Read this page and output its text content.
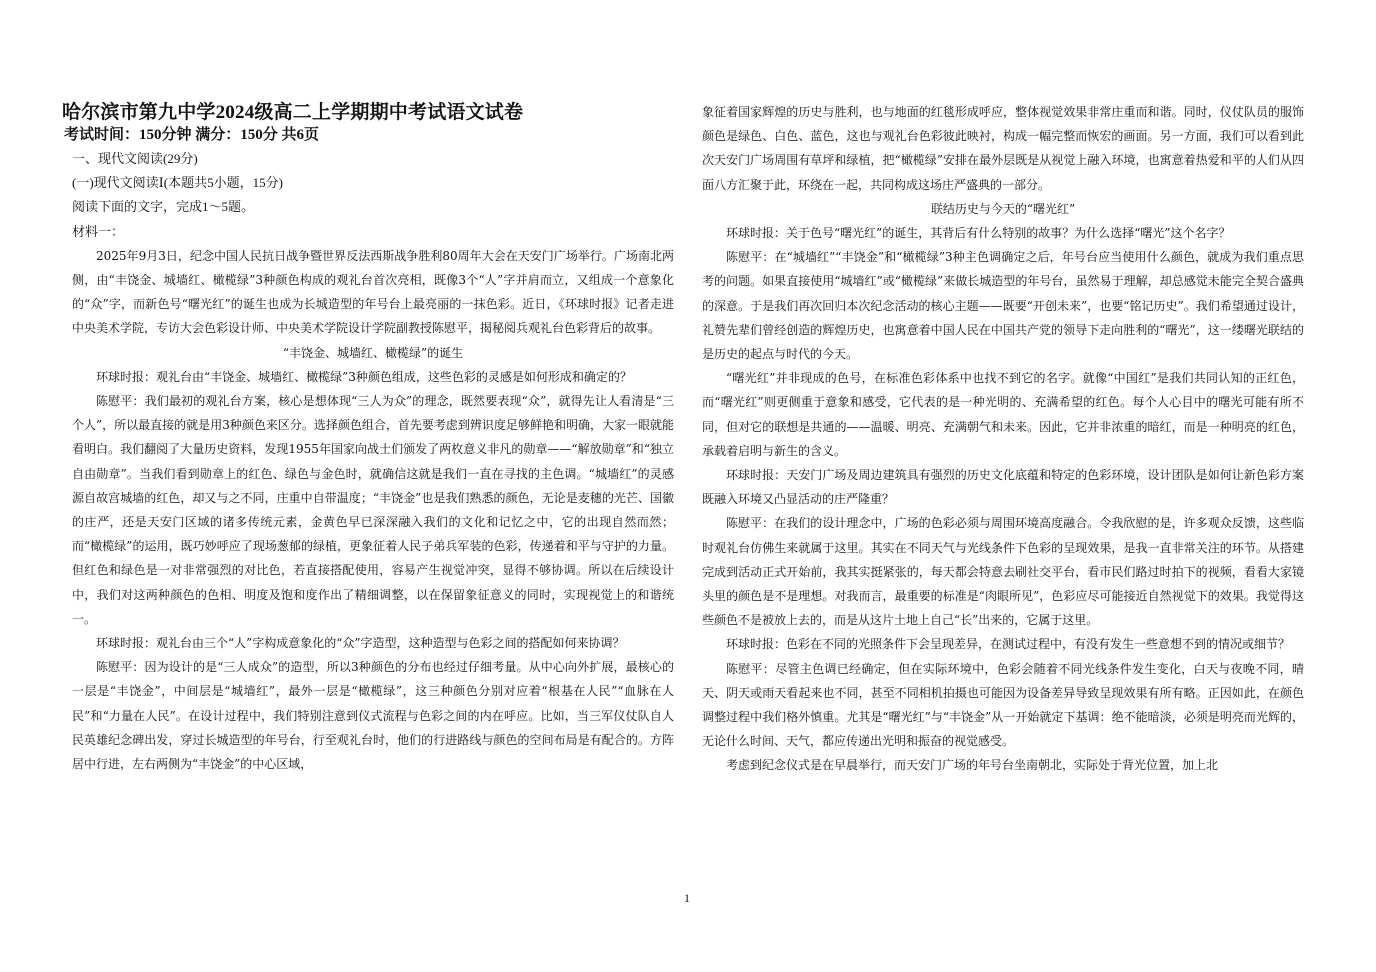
哈尔滨市第九中学2024级高二上学期期中考试语文试卷
考试时间：150分钟 满分：150分 共6页

一、现代文阅读(29分)

(一)现代文阅读Ⅰ(本题共5小题，15分)

阅读下面的文字，完成1～5题。

材料一：

2025年9月3日，纪念中国人民抗日战争暨世界反法西斯战争胜利80周年大会在天安门广场举行。广场南北两侧，由“丰饶金、城墙红、橄榄绿”3种颜色构成的观礼台首次亮相，既像3个“人”字并肩而立，又组成一个意象化的“众”字，而新色号“曙光红”的诞生也成为长城造型的年号台上最亮丽的一抹色彩。近日，《环球时报》记者走进中央美术学院，专访大会色彩设计师、中央美术学院设计学院副教授陈慰平，揭秘阅兵观礼台色彩背后的故事。

“丰饶金、城墙红、橄榄绿”的诞生

环球时报：观礼台由“丰饶金、城墙红、橄榄绿”3种颜色组成，这些色彩的灵感是如何形成和确定的？

陈慰平：我们最初的观礼台方案，核心是想体现“三人为众”的理念，既然要表现“众”，就得先让人看清是“三个人”，所以最直接的就是用3种颜色来区分。选择颜色组合，首先要考虑到辨识度足够鲜艳和明确，大家一眼就能看明白。我们翻阅了大量历史资料，发现1955年国家向战士们颁发了两枚意义非凡的勋章——“解放勋章”和“独立自由勋章”。当我们看到勋章上的红色、绿色与金色时，就确信这就是我们一直在寻找的主色调。“城墙红”的灵感源自故宫城墙的红色，却又与之不同，庄重中自带温度；“丰饶金”也是我们熟悉的颜色，无论是麦穗的光芒、国徽的庄严，还是天安门区域的诸多传统元素，金黄色早已深深融入我们的文化和记忆之中，它的出现自然而然；而“橄榄绿”的运用，既巧妙呼应了现场葱郁的绿植，更象征着人民子弟兵军装的色彩，传递着和平与守护的力量。但红色和绿色是一对非常强烈的对比色，若直接搭配使用，容易产生视觉冲突，显得不够协调。所以在后续设计中，我们对这两种颜色的色相、明度及饱和度作出了精细调整，以在保留象征意义的同时，实现视觉上的和谐统一。

环球时报：观礼台由三个“人”字构成意象化的“众”字造型，这种造型与色彩之间的搭配如何来协调？

陈慰平：因为设计的是“三人成众”的造型，所以3种颜色的分布也经过仔细考量。从中心向外扩展，最核心的一层是“丰饶金”，中间层是“城墙红”，最外一层是“橄榄绿”，这三种颜色分别对应着“根基在人民”“血脉在人民”和“力量在人民”。在设计过程中，我们特别注意到仪式流程与色彩之间的内在呼应。比如，当三军仪仗队自人民英雄纪念碑出发，穿过长城造型的年号台，行至观礼台时，他们的行进路线与颜色的空间布局是有配合的。方阵居中行进，左右两侧为“丰饶金”的中心区域，

象征着国家辉煌的历史与胜利，也与地面的红毯形成呼应，整体视觉效果非常庄重而和谐。同时，仪仗队员的服饰颜色是绿色、白色、蓝色，这也与观礼台色彩彼此映衬，构成一幅完整而恢宏的画面。另一方面，我们可以看到此次天安门广场周围有草坪和绿植，把“橄榄绿”安排在最外层既是从视觉上融入环境，也寓意着热爱和平的人们从四面八方汇聚于此，环绕在一起，共同构成这场庄严盛典的一部分。

联结历史与今天的“曙光红”

环球时报：关于色号“曙光红”的诞生，其背后有什么特别的故事？为什么选择“曙光”这个名字？

陈慰平：在“城墙红”“丰饶金”和“橄榄绿”3种主色调确定之后，年号台应当使用什么颜色，就成为我们重点思考的问题。如果直接使用“城墙红”或“橄榄绿”来做长城造型的年号台，虽然易于理解，却总感觉未能完全契合盛典的深意。于是我们再次回归本次纪念活动的核心主题——既要“开创未来”，也要“铭记历史”。我们希望通过设计，礼赞先辈们曾经创造的辉煌历史，也寓意着中国人民在中国共产党的领导下走向胜利的“曙光”，这一缕曙光联结的是历史的起点与时代的今天。

“曙光红”并非现成的色号，在标准色彩体系中也找不到它的名字。就像“中国红”是我们共同认知的正红色，而“曙光红”则更侧重于意象和感受，它代表的是一种光明的、充满希望的红色。每个人心目中的曙光可能有所不同，但对它的联想是共通的——温暖、明亮、充满朝气和未来。因此，它并非浓重的暗红，而是一种明亮的红色，承载着启明与新生的含义。

环球时报：天安门广场及周边建筑具有强烈的历史文化底蕴和特定的色彩环境，设计团队是如何让新色彩方案既融入环境又凸显活动的庄严隆重？

陈慰平：在我们的设计理念中，广场的色彩必须与周围环境高度融合。令我欣慰的是，许多观众反馈，这些临时观礼台仿佛生来就属于这里。其实在不同天气与光线条件下色彩的呈现效果，是我一直非常关注的环节。从搭建完成到活动正式开始前，我其实挺紧张的，每天都会特意去刷社交平台，看市民们路过时拍下的视频，看看大家镜头里的颜色是不是理想。对我而言，最重要的标准是“肉眼所见”，色彩应尽可能接近自然视觉下的效果。我觉得这些颜色不是被放上去的，而是从这片土地上自己“长”出来的，它属于这里。

环球时报：色彩在不同的光照条件下会呈现差异，在测试过程中，有没有发生一些意想不到的情况或细节？

陈慰平：尽管主色调已经确定，但在实际环境中，色彩会随着不同光线条件发生变化，白天与夜晚不同，晴天、阴天或雨天看起来也不同，甚至不同相机拍摄也可能因为设备差异导致呈现效果有所有略。正因如此，在颜色调整过程中我们格外慎重。尤其是“曙光红”与“丰饶金”从一开始就定下基调：绝不能暗淡，必须是明亮而光辉的，无论什么时间、天气，都应传递出光明和振奋的视觉感受。

考虑到纪念仪式是在早晨举行，而天安门广场的年号台坐南朝北，实际处于背光位置，加上北

1
